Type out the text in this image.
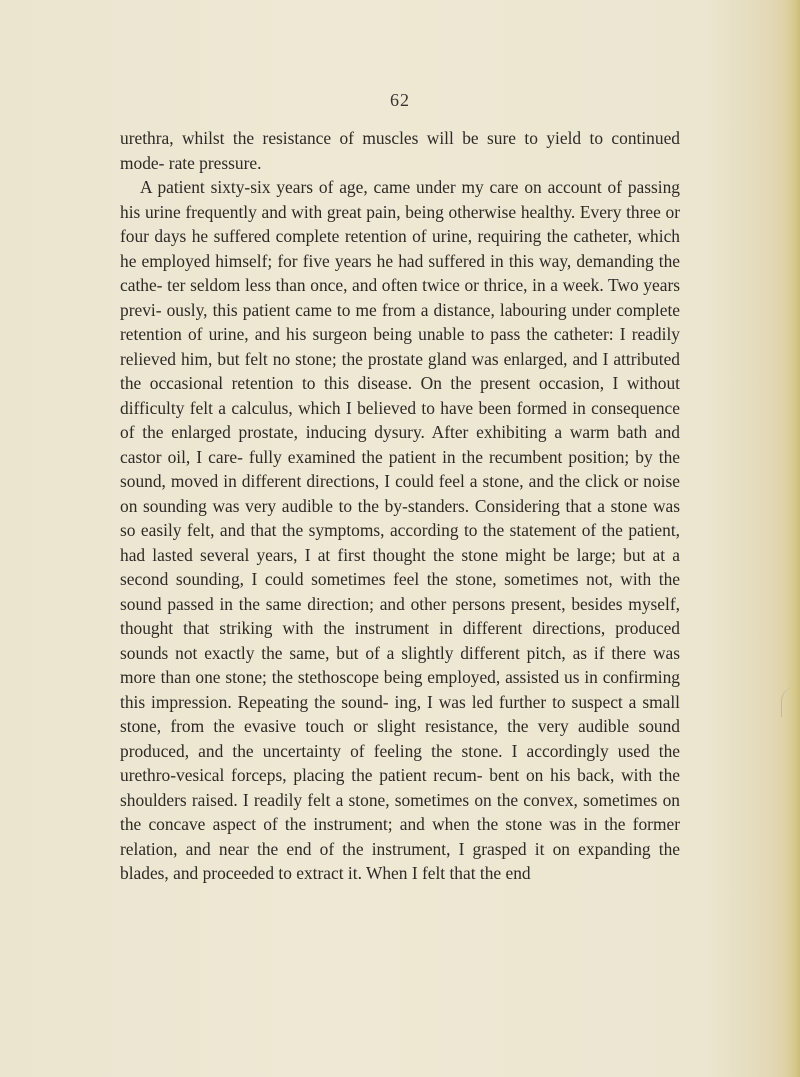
62

urethra, whilst the resistance of muscles will be sure to yield to continued mode- rate pressure.

A patient sixty-six years of age, came under my care on account of passing his urine frequently and with great pain, being otherwise healthy. Every three or four days he suffered complete retention of urine, requiring the catheter, which he employed himself; for five years he had suffered in this way, demanding the cathe- ter seldom less than once, and often twice or thrice, in a week. Two years previ- ously, this patient came to me from a distance, labouring under complete retention of urine, and his surgeon being unable to pass the catheter: I readily relieved him, but felt no stone; the prostate gland was enlarged, and I attributed the occasional retention to this disease. On the present occasion, I without difficulty felt a calculus, which I believed to have been formed in consequence of the enlarged prostate, inducing dysury. After exhibiting a warm bath and castor oil, I care- fully examined the patient in the recumbent position; by the sound, moved in different directions, I could feel a stone, and the click or noise on sounding was very audible to the by-standers. Considering that a stone was so easily felt, and that the symptoms, according to the statement of the patient, had lasted several years, I at first thought the stone might be large; but at a second sounding, I could sometimes feel the stone, sometimes not, with the sound passed in the same direction; and other persons present, besides myself, thought that striking with the instrument in different directions, produced sounds not exactly the same, but of a slightly different pitch, as if there was more than one stone; the stethoscope being employed, assisted us in confirming this impression. Repeating the sound- ing, I was led further to suspect a small stone, from the evasive touch or slight resistance, the very audible sound produced, and the uncertainty of feeling the stone. I accordingly used the urethro-vesical forceps, placing the patient recum- bent on his back, with the shoulders raised. I readily felt a stone, sometimes on the convex, sometimes on the concave aspect of the instrument; and when the stone was in the former relation, and near the end of the instrument, I grasped it on expanding the blades, and proceeded to extract it. When I felt that the end
